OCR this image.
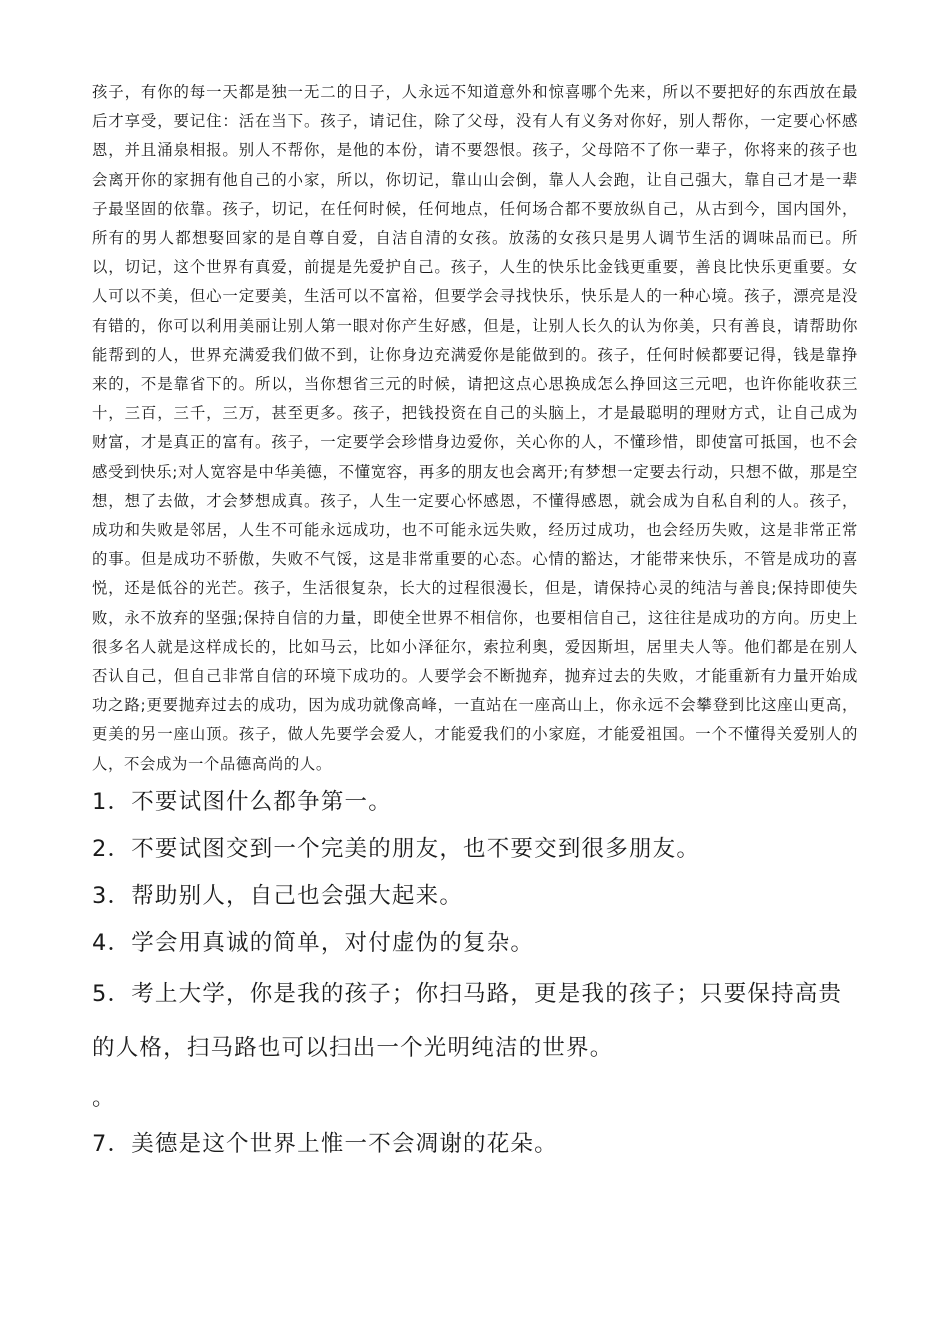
孩子，有你的每一天都是独一无二的日子，人永远不知道意外和惊喜哪个先来，所以不要把好的东西放在最后才享受，要记住：活在当下。孩子，请记住，除了父母，没有人有义务对你好，别人帮你，一定要心怀感恩，并且涌泉相报。别人不帮你，是他的本份，请不要怨恨。孩子，父母陪不了你一辈子，你将来的孩子也会离开你的家拥有他自己的小家，所以，你切记，靠山山会倒，靠人人会跑，让自己强大，靠自己才是一辈子最坚固的依靠。孩子，切记，在任何时候，任何地点，任何场合都不要放纵自己，从古到今，国内国外，所有的男人都想娶回家的是自尊自爱，自洁自清的女孩。放荡的女孩只是男人调节生活的调味品而已。所以，切记，这个世界有真爱，前提是先爱护自己。孩子，人生的快乐比金钱更重要，善良比快乐更重要。女人可以不美，但心一定要美，生活可以不富裕，但要学会寻找快乐，快乐是人的一种心境。孩子，漂亮是没有错的，你可以利用美丽让别人第一眼对你产生好感，但是，让别人长久的认为你美，只有善良，请帮助你能帮到的人，世界充满爱我们做不到，让你身边充满爱你是能做到的。孩子，任何时候都要记得，钱是靠挣来的，不是靠省下的。所以，当你想省三元的时候，请把这点心思换成怎么挣回这三元吧，也许你能收获三十，三百，三千，三万，甚至更多。孩子，把钱投资在自己的头脑上，才是最聪明的理财方式，让自己成为财富，才是真正的富有。孩子，一定要学会珍惜身边爱你，关心你的人，不懂珍惜，即使富可抵国，也不会感受到快乐;对人宽容是中华美德，不懂宽容，再多的朋友也会离开;有梦想一定要去行动，只想不做，那是空想，想了去做，才会梦想成真。孩子，人生一定要心怀感恩，不懂得感恩，就会成为自私自利的人。孩子，成功和失败是邻居，人生不可能永远成功，也不可能永远失败，经历过成功，也会经历失败，这是非常正常的事。但是成功不骄傲，失败不气馁，这是非常重要的心态。心情的豁达，才能带来快乐，不管是成功的喜悦，还是低谷的光芒。孩子，生活很复杂，长大的过程很漫长，但是，请保持心灵的纯洁与善良;保持即使失败，永不放弃的坚强;保持自信的力量，即使全世界不相信你，也要相信自己，这往往是成功的方向。历史上很多名人就是这样成长的，比如马云，比如小泽征尔，索拉利奥，爱因斯坦，居里夫人等。他们都是在别人否认自己，但自己非常自信的环境下成功的。人要学会不断抛弃，抛弃过去的失败，才能重新有力量开始成功之路;更要抛弃过去的成功，因为成功就像高峰，一直站在一座高山上，你永远不会攀登到比这座山更高，更美的另一座山顶。孩子，做人先要学会爱人，才能爱我们的小家庭，才能爱祖国。一个不懂得关爱别人的人，不会成为一个品德高尚的人。

1．不要试图什么都争第一。
2．不要试图交到一个完美的朋友，也不要交到很多朋友。
3．帮助别人，自己也会强大起来。
4．学会用真诚的简单，对付虚伪的复杂。
5．考上大学，你是我的孩子；你扫马路，更是我的孩子；只要保持高贵的人格，扫马路也可以扫出一个光明纯洁的世界。
。
7．美德是这个世界上惟一不会凋谢的花朵。
